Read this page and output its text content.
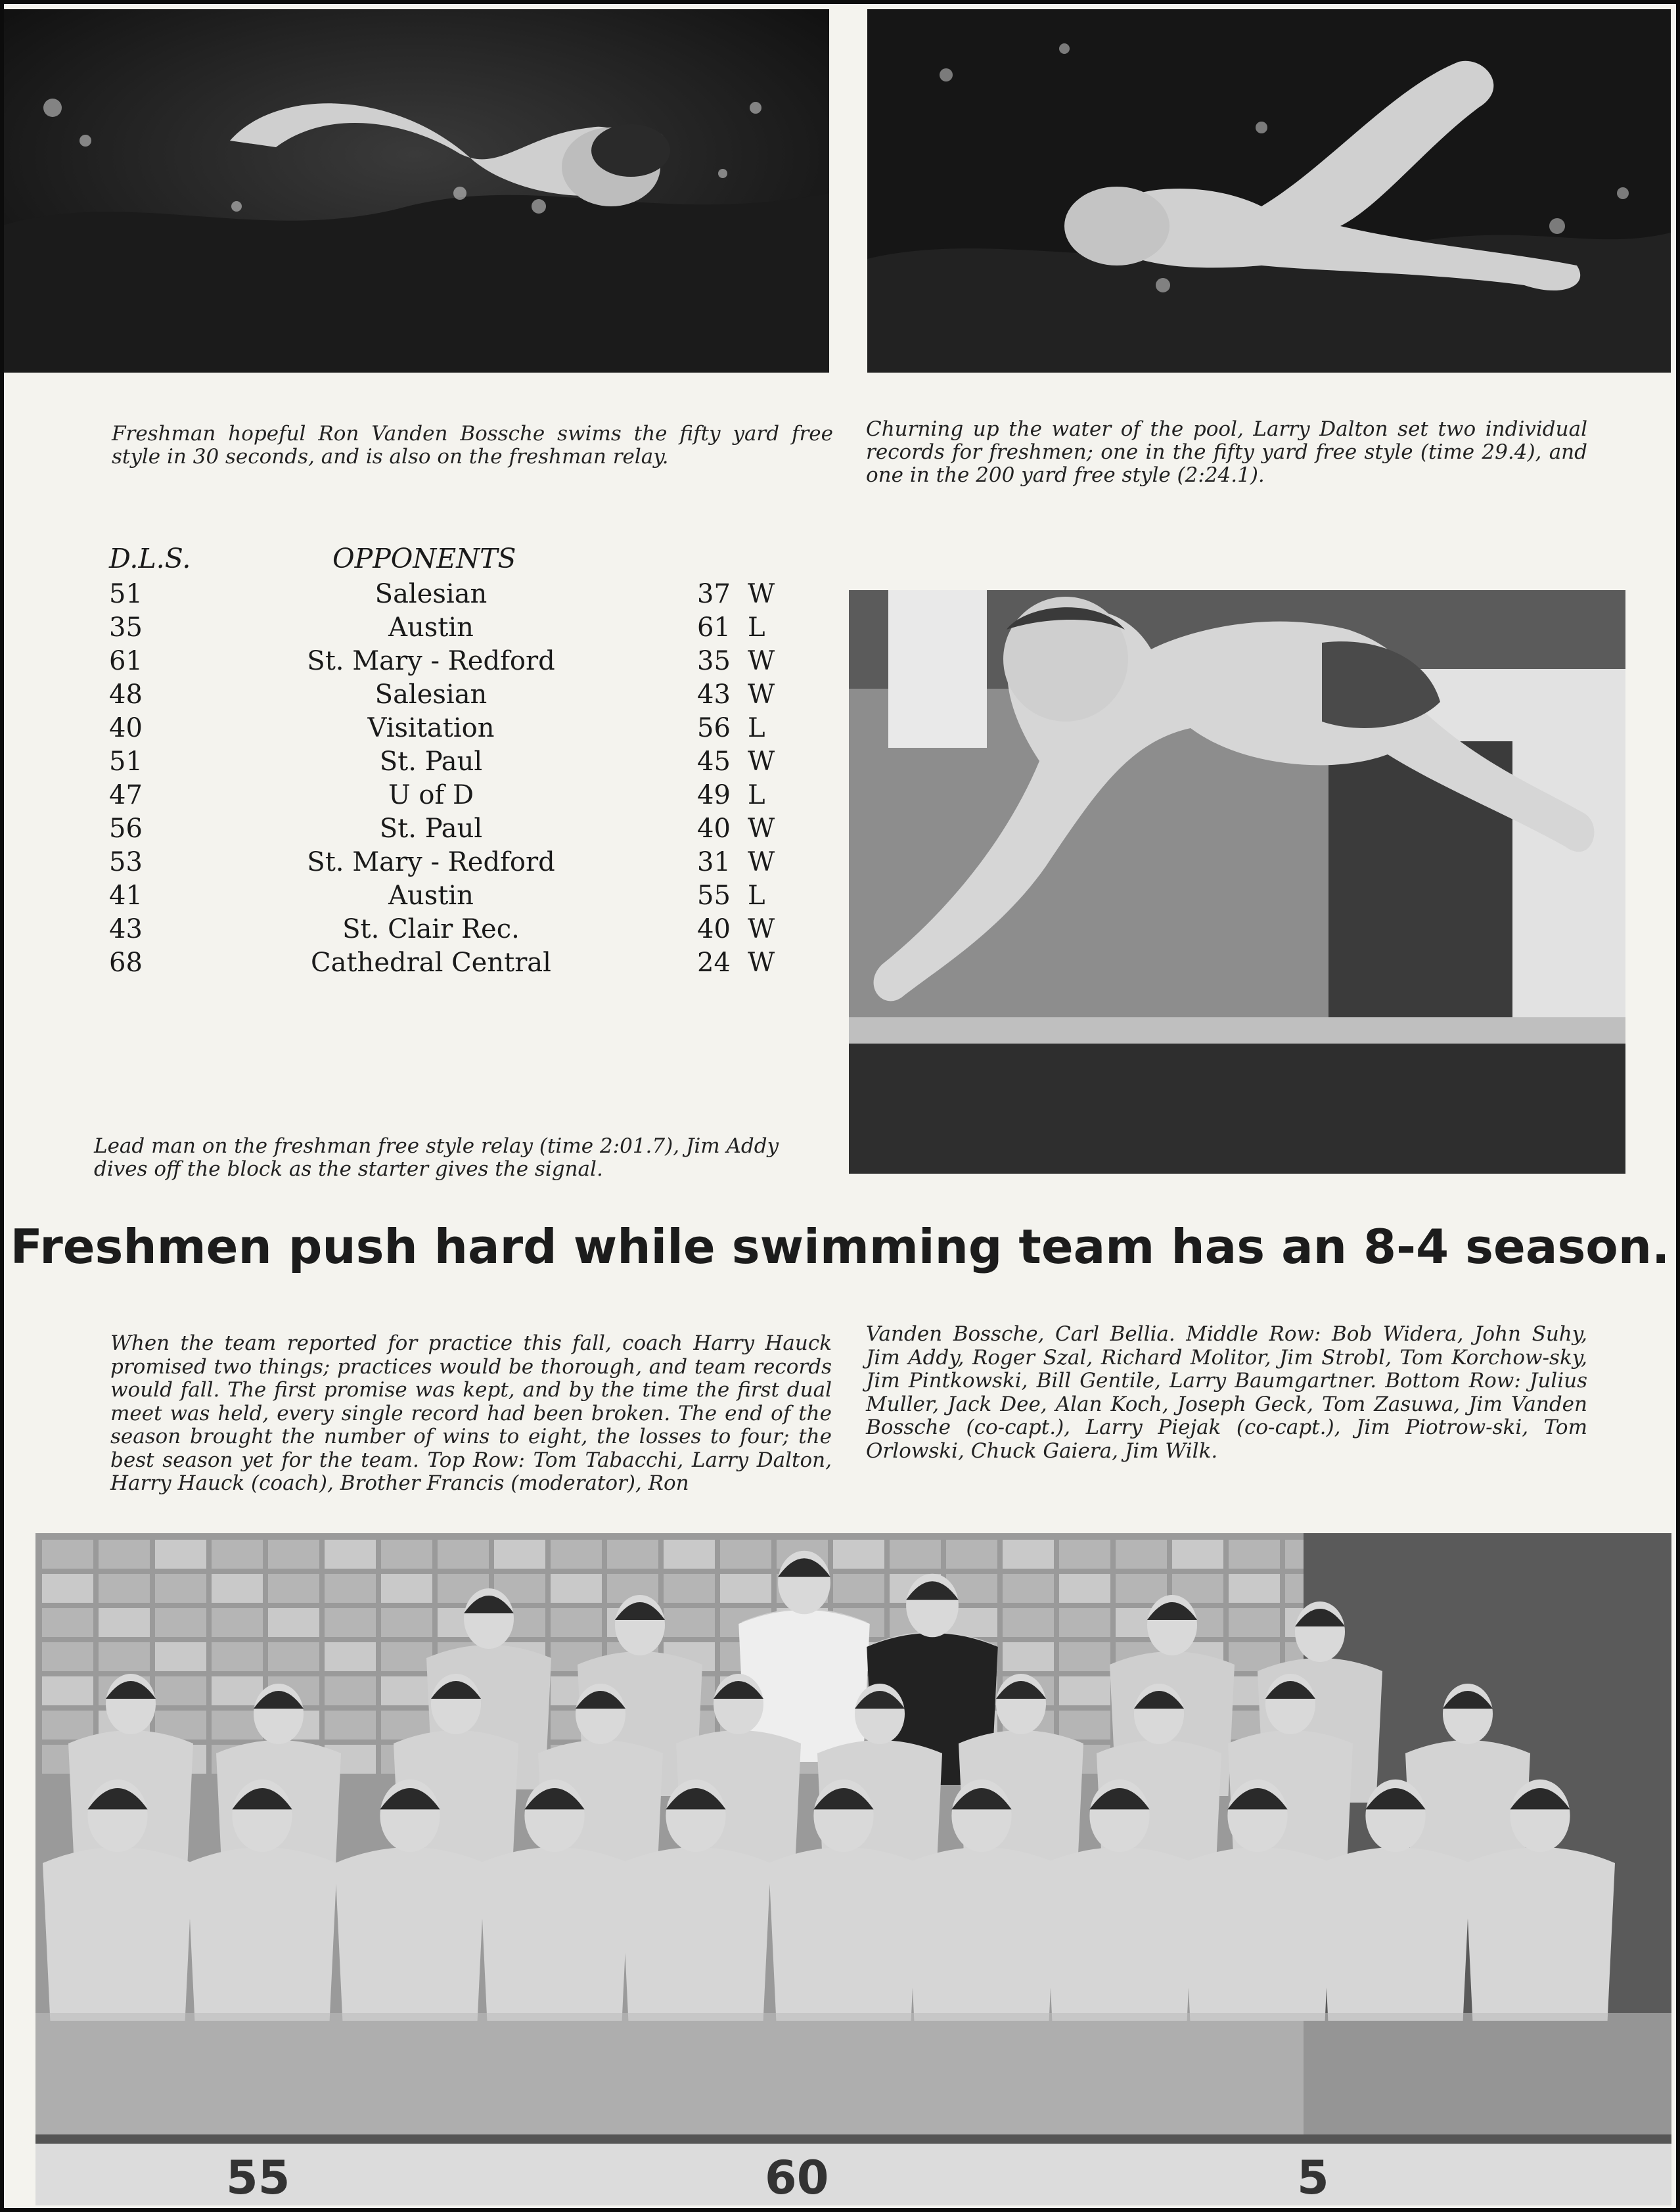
Freshman hopeful Ron Vanden Bossche swims the fifty yard free style in 30 seconds, and is also on the freshman relay.
Churning up the water of the pool, Larry Dalton set two individual records for freshmen; one in the fifty yard free style (time 29.4), and one in the 200 yard free style (2:24.1).
D.L.S.	OPPONENTS
51	Salesian	37 W
35	Austin	61 L
61	St. Mary - Redford	35 W
48	Salesian	43 W
40	Visitation	56 L
51	St. Paul	45 W
47	U of D	49 L
56	St. Paul	40 W
53	St. Mary - Redford	31 W
41	Austin	55 L
43	St. Clair Rec.	40 W
68	Cathedral Central	24 W
Lead man on the freshman free style relay (time 2:01.7), Jim Addy dives off the block as the starter gives the signal.
Freshmen push hard while swimming team has an 8-4 season.
When the team reported for practice this fall, coach Harry Hauck promised two things; practices would be thorough, and team records would fall. The first promise was kept, and by the time the first dual meet was held, every single record had been broken. The end of the season brought the number of wins to eight, the losses to four; the best season yet for the team. Top Row: Tom Tabacchi, Larry Dalton, Harry Hauck (coach), Brother Francis (moderator), Ron
Vanden Bossche, Carl Bellia. Middle Row: Bob Widera, John Suhy, Jim Addy, Roger Szal, Richard Molitor, Jim Strobl, Tom Korchow-sky, Jim Pintkowski, Bill Gentile, Larry Baumgartner. Bottom Row: Julius Muller, Jack Dee, Alan Koch, Joseph Geck, Tom Zasuwa, Jim Vanden Bossche (co-capt.), Larry Piejak (co-capt.), Jim Piotrow-ski, Tom Orlowski, Chuck Gaiera, Jim Wilk.
55	60	5
